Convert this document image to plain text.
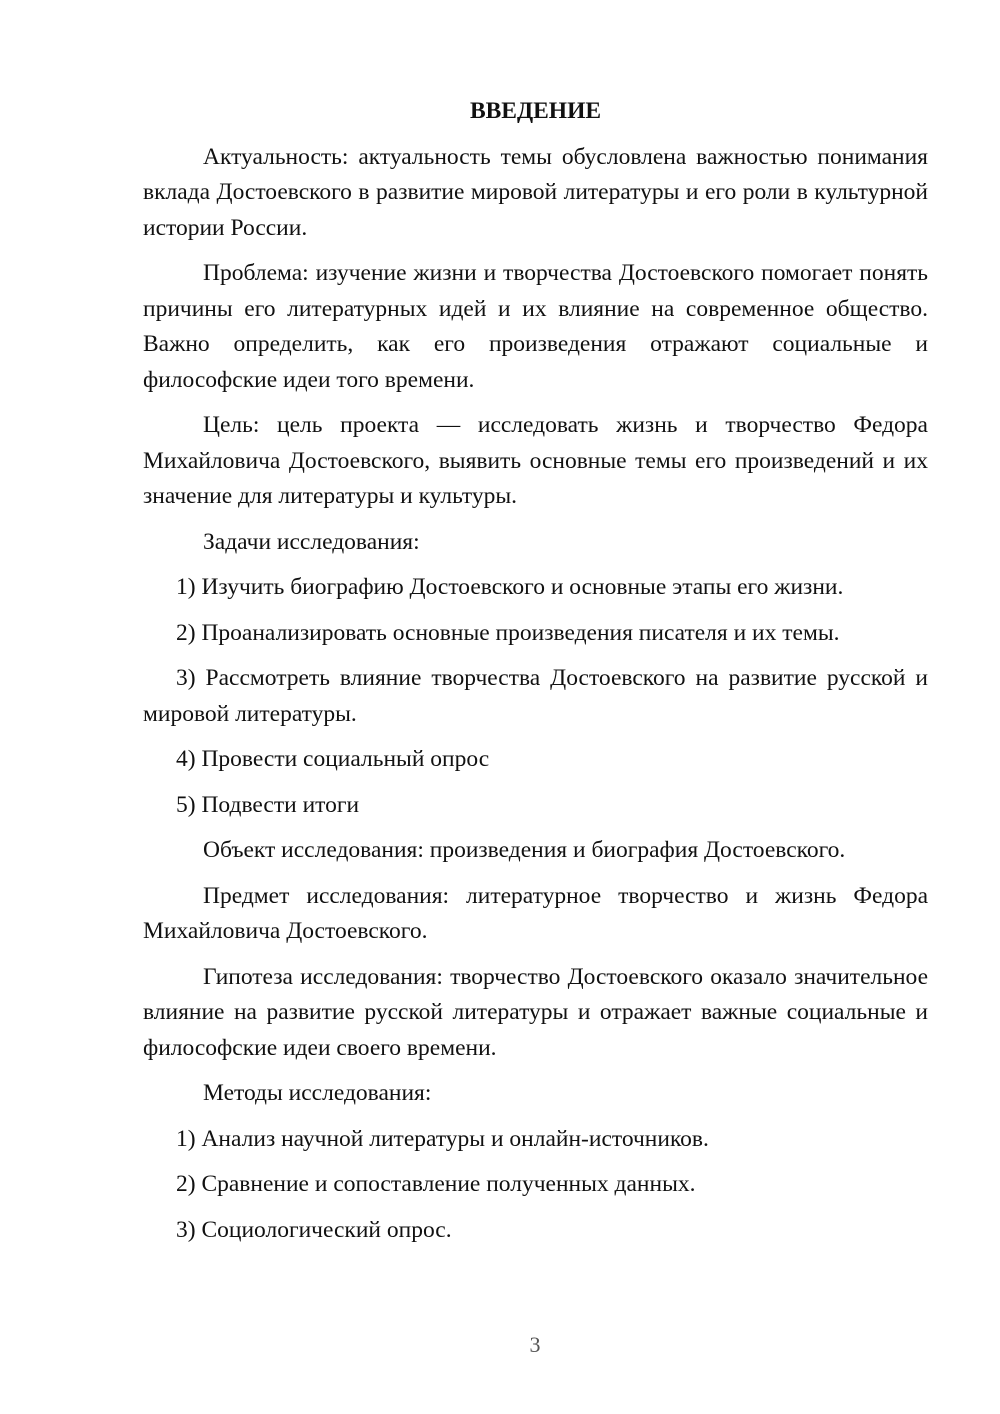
ВВЕДЕНИЕ

Актуальность: актуальность темы обусловлена важностью понимания вклада Достоевского в развитие мировой литературы и его роли в культурной истории России.

Проблема: изучение жизни и творчества Достоевского помогает понять причины его литературных идей и их влияние на современное общество. Важно определить, как его произведения отражают социальные и философские идеи того времени.

Цель: цель проекта — исследовать жизнь и творчество Федора Михайловича Достоевского, выявить основные темы его произведений и их значение для литературы и культуры.

Задачи исследования:

1) Изучить биографию Достоевского и основные этапы его жизни.

2) Проанализировать основные произведения писателя и их темы.

3) Рассмотреть влияние творчества Достоевского на развитие русской и мировой литературы.

4) Провести социальный опрос

5) Подвести итоги

Объект исследования: произведения и биография Достоевского.

Предмет исследования: литературное творчество и жизнь Федора Михайловича Достоевского.

Гипотеза исследования: творчество Достоевского оказало значительное влияние на развитие русской литературы и отражает важные социальные и философские идеи своего времени.

Методы исследования:

1) Анализ научной литературы и онлайн-источников.

2) Сравнение и сопоставление полученных данных.

3) Социологический опрос.

3
